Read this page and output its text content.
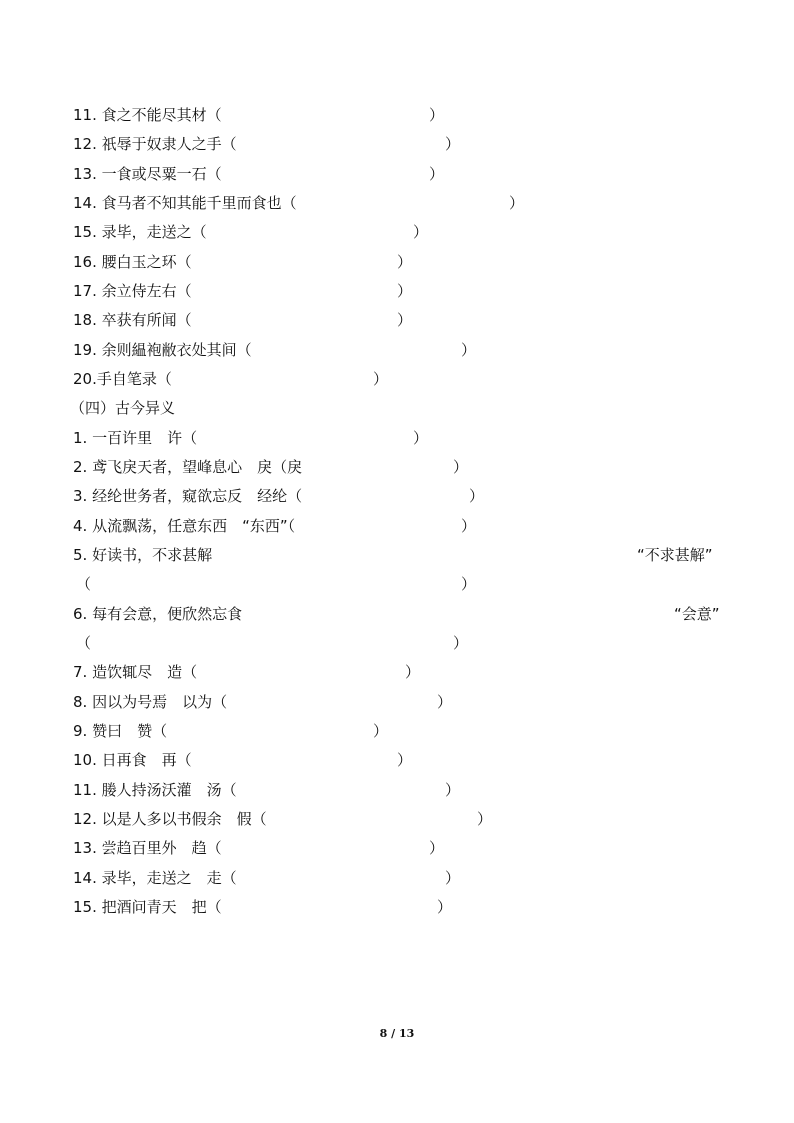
11. 食之不能尽其材（	）
12. 祇辱于奴隶人之手（	）
13. 一食或尽粟一石（	）
14. 食马者不知其能千里而食也（	）
15. 录毕，走送之（	）
16. 腰白玉之环（	）
17. 余立侍左右（	）
18. 卒获有所闻（	）
19. 余则緼袍敝衣处其间（	）
20.手自笔录（	）
（四）古今异义
1. 一百许里　许（	）
2. 鸢飞戾天者，望峰息心　戾（戾	）
3. 经纶世务者，窥欲忘反　经纶（	）
4. 从流飘荡，任意东西　“东西”（	）
5. 好读书，不求甚解	“不求甚解”
（	）
6. 每有会意，便欣然忘食	“会意”
（	）
7. 造饮辄尽　造（	）
8. 因以为号焉　以为（	）
9. 赞曰　赞（	）
10. 日再食　再（	）
11. 媵人持汤沃灌　汤（	）
12. 以是人多以书假余　假（	）
13. 尝趋百里外　趋（	）
14. 录毕，走送之　走（	）
15. 把酒问青天　把（	）
8 / 13
